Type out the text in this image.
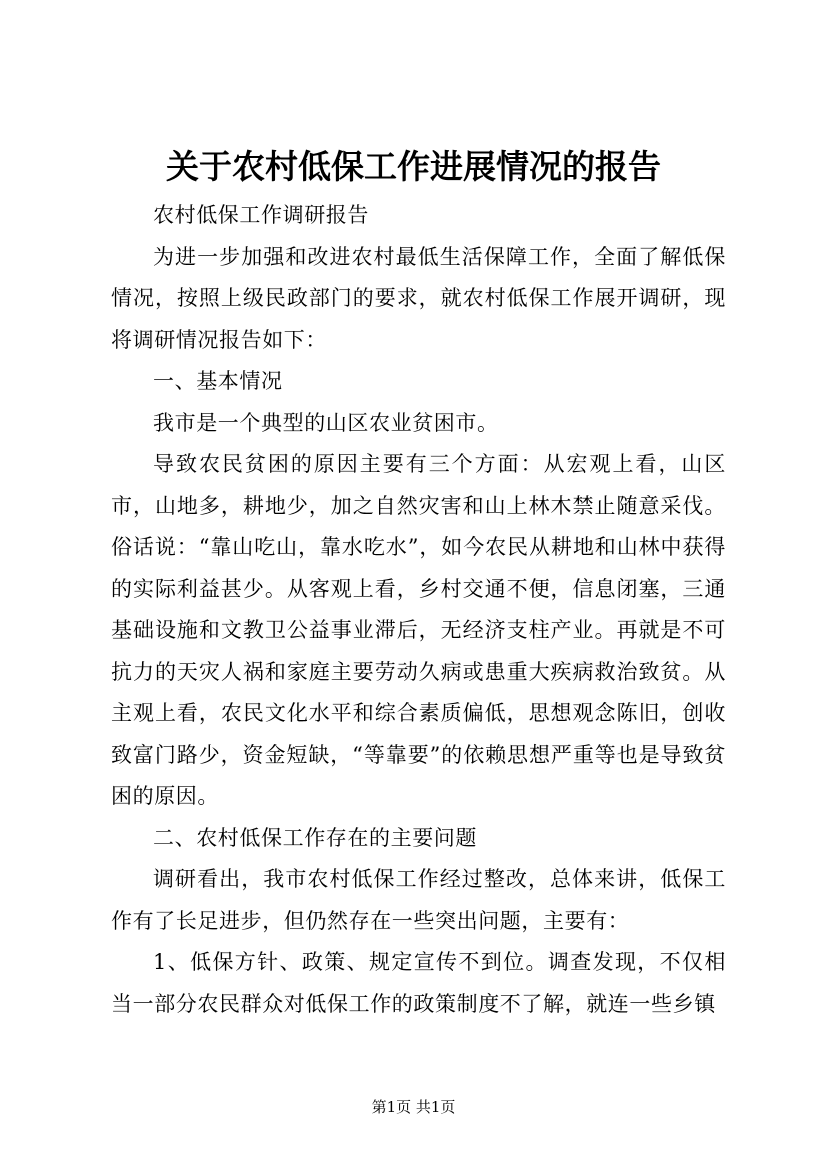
关于农村低保工作进展情况的报告

农村低保工作调研报告

为进一步加强和改进农村最低生活保障工作，全面了解低保情况，按照上级民政部门的要求，就农村低保工作展开调研，现将调研情况报告如下：

一、基本情况

我市是一个典型的山区农业贫困市。

导致农民贫困的原因主要有三个方面：从宏观上看，山区市，山地多，耕地少，加之自然灾害和山上林木禁止随意采伐。俗话说：“靠山吃山，靠水吃水”，如今农民从耕地和山林中获得的实际利益甚少。从客观上看，乡村交通不便，信息闭塞，三通基础设施和文教卫公益事业滞后，无经济支柱产业。再就是不可抗力的天灾人祸和家庭主要劳动久病或患重大疾病救治致贫。从主观上看，农民文化水平和综合素质偏低，思想观念陈旧，创收致富门路少，资金短缺，“等靠要”的依赖思想严重等也是导致贫困的原因。

二、农村低保工作存在的主要问题

调研看出，我市农村低保工作经过整改，总体来讲，低保工作有了长足进步，但仍然存在一些突出问题，主要有：

1、低保方针、政策、规定宣传不到位。调查发现，不仅相当一部分农民群众对低保工作的政策制度不了解，就连一些乡镇

第1页 共1页
